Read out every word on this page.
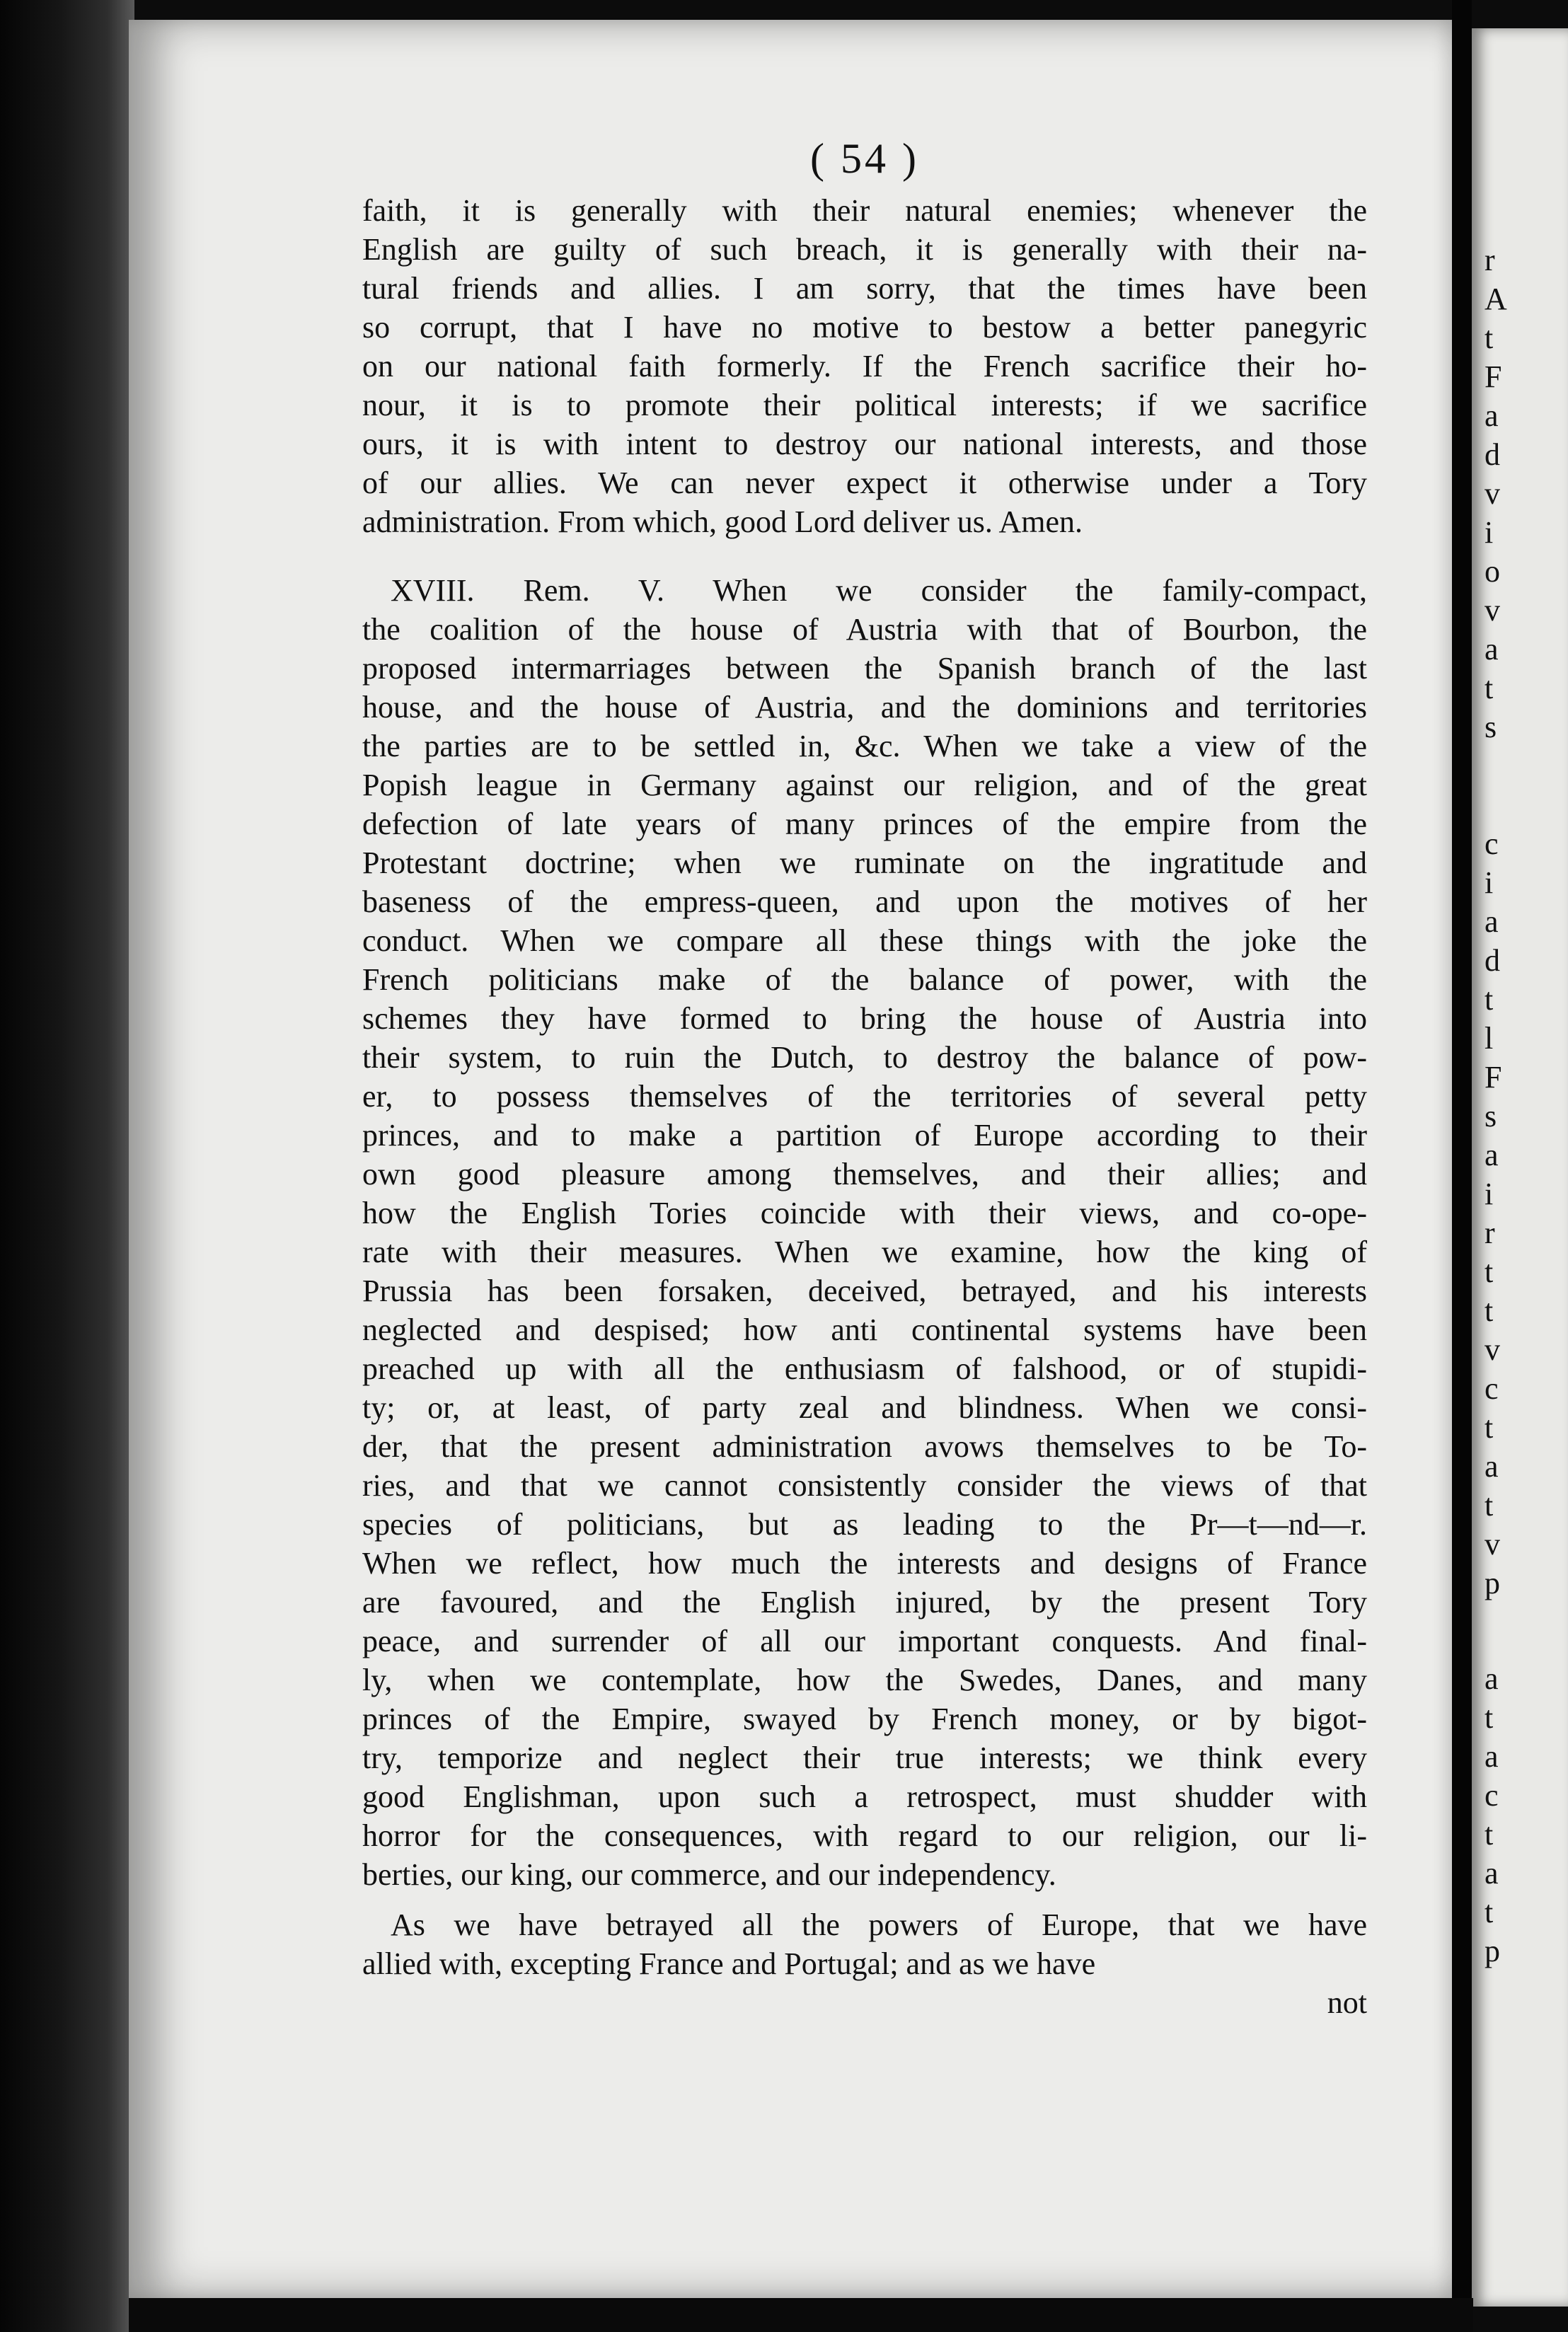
( 54 )
faith, it is generally with their natural enemies; whenever the
English are guilty of such breach, it is generally with their na-
tural friends and allies. I am sorry, that the times have been
so corrupt, that I have no motive to bestow a better panegyric
on our national faith formerly. If the French sacrifice their ho-
nour, it is to promote their political interests; if we sacrifice
ours, it is with intent to destroy our national interests, and those
of our allies. We can never expect it otherwise under a Tory
administration. From which, good Lord deliver us. Amen.
XVIII. Rem. V. When we consider the family-compact,
the coalition of the house of Austria with that of Bourbon, the
proposed intermarriages between the Spanish branch of the last
house, and the house of Austria, and the dominions and territories
the parties are to be settled in, &c. When we take a view of the
Popish league in Germany against our religion, and of the great
defection of late years of many princes of the empire from the
Protestant doctrine; when we ruminate on the ingratitude and
baseness of the empress-queen, and upon the motives of her
conduct. When we compare all these things with the joke the
French politicians make of the balance of power, with the
schemes they have formed to bring the house of Austria into
their system, to ruin the Dutch, to destroy the balance of pow-
er, to possess themselves of the territories of several petty
princes, and to make a partition of Europe according to their
own good pleasure among themselves, and their allies; and
how the English Tories coincide with their views, and co-ope-
rate with their measures. When we examine, how the king of
Prussia has been forsaken, deceived, betrayed, and his interests
neglected and despised; how anti continental systems have been
preached up with all the enthusiasm of falshood, or of stupidi-
ty; or, at least, of party zeal and blindness. When we consi-
der, that the present administration avows themselves to be To-
ries, and that we cannot consistently consider the views of that
species of politicians, but as leading to the Pr—t—nd—r.
When we reflect, how much the interests and designs of France
are favoured, and the English injured, by the present Tory
peace, and surrender of all our important conquests. And final-
ly, when we contemplate, how the Swedes, Danes, and many
princes of the Empire, swayed by French money, or by bigot-
try, temporize and neglect their true interests; we think every
good Englishman, upon such a retrospect, must shudder with
horror for the consequences, with regard to our religion, our li-
berties, our king, our commerce, and our independency.
As we have betrayed all the powers of Europe, that we have
allied with, excepting France and Portugal; and as we have
not
r
A
t
F
a
d
v
i
o
v
a
t
s
c
i
a
d
t
l
F
s
a
i
r
t
t
v
c
t
a
t
v
p
a
t
a
c
t
a
t
p
